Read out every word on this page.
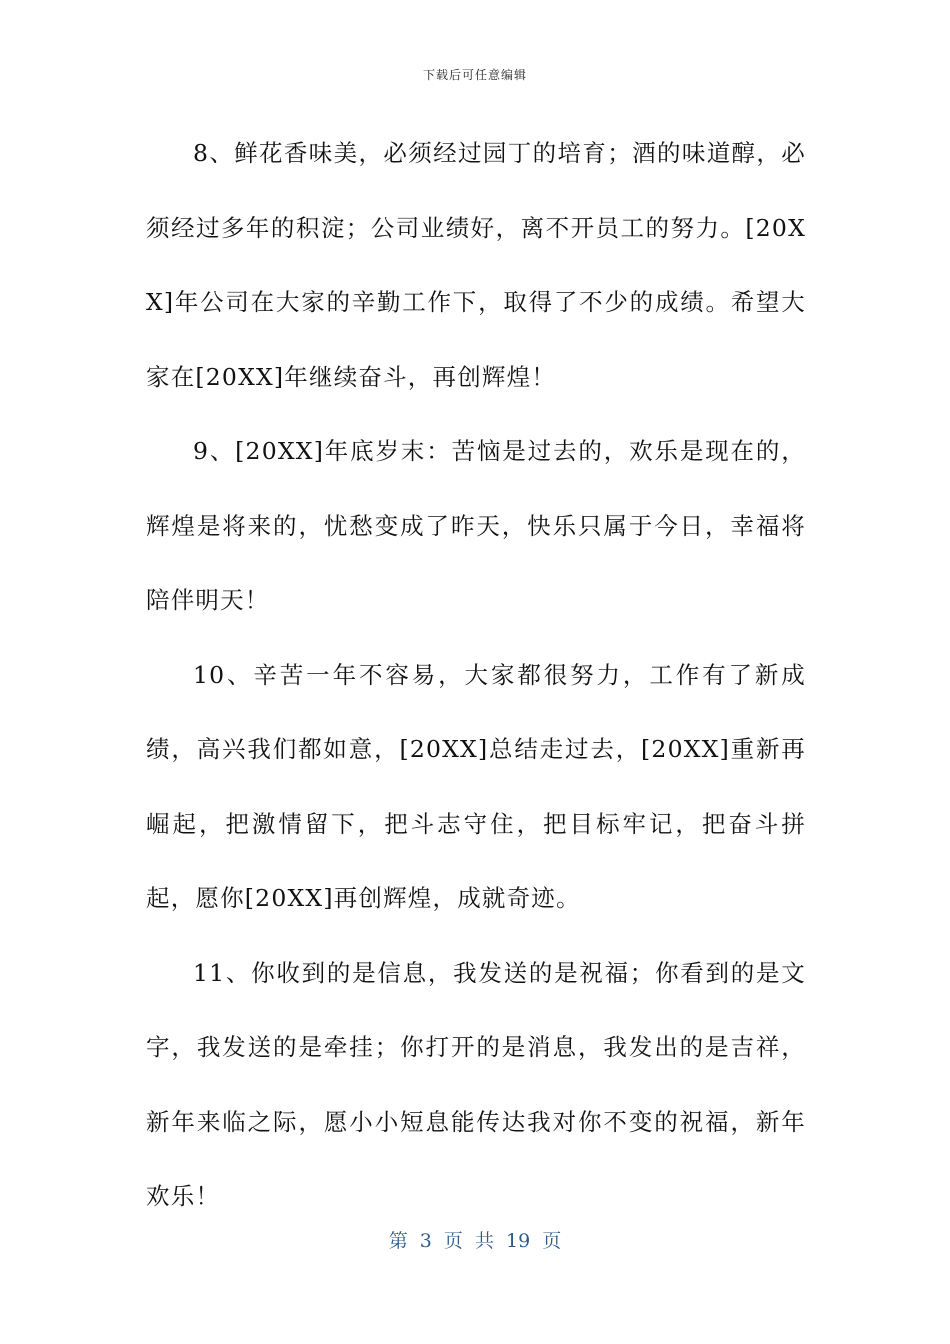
下载后可任意编辑

8、鲜花香味美，必须经过园丁的培育；酒的味道醇，必须经过多年的积淀；公司业绩好，离不开员工的努力。[20XX]年公司在大家的辛勤工作下，取得了不少的成绩。希望大家在[20XX]年继续奋斗，再创辉煌！

9、[20XX]年底岁末：苦恼是过去的，欢乐是现在的，辉煌是将来的，忧愁变成了昨天，快乐只属于今日，幸福将陪伴明天！

10、辛苦一年不容易，大家都很努力，工作有了新成绩，高兴我们都如意，[20XX]总结走过去，[20XX]重新再崛起，把激情留下，把斗志守住，把目标牢记，把奋斗拼起，愿你[20XX]再创辉煌，成就奇迹。

11、你收到的是信息，我发送的是祝福；你看到的是文字，我发送的是牵挂；你打开的是消息，我发出的是吉祥，新年来临之际，愿小小短息能传达我对你不变的祝福，新年欢乐！

第 3 页 共 19 页
